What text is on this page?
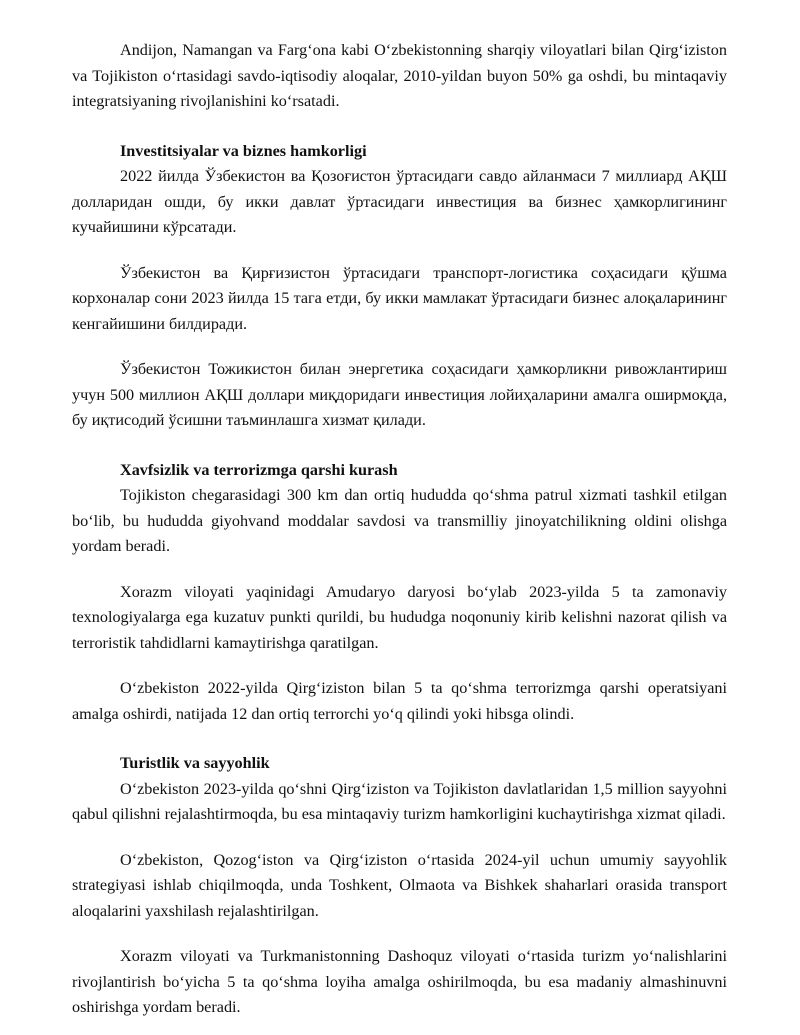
Andijon, Namangan va Farg‘ona kabi O‘zbekistonning sharqiy viloyatlari bilan Qirg‘iziston va Tojikiston o‘rtasidagi savdo-iqtisodiy aloqalar, 2010-yildan buyon 50% ga oshdi, bu mintaqaviy integratsiyaning rivojlanishini ko‘rsatadi.

Investitsiyalar va biznes hamkorligi

2022 йилда Ўзбекистон ва Қозоғистон ўртасидаги савдо айланмаси 7 миллиард АҚШ долларидан ошди, бу икки давлат ўртасидаги инвестиция ва бизнес ҳамкорлигининг кучайишини кўрсатади.

Ўзбекистон ва Қирғизистон ўртасидаги транспорт-логистика соҳасидаги қўшма корхоналар сони 2023 йилда 15 тага етди, бу икки мамлакат ўртасидаги бизнес алоқаларининг кенгайишини билдиради.

Ўзбекистон Тожикистон билан энергетика соҳасидаги ҳамкорликни ривожлантириш учун 500 миллион АҚШ доллари миқдоридаги инвестиция лойиҳаларини амалга оширмоқда, бу иқтисодий ўсишни таъминлашга хизмат қилади.

Xavfsizlik va terrorizmga qarshi kurash

Tojikiston chegarasidagi 300 km dan ortiq hududda qo‘shma patrul xizmati tashkil etilgan bo‘lib, bu hududda giyohvand moddalar savdosi va transmilliy jinoyatchilikning oldini olishga yordam beradi.

Xorazm viloyati yaqinidagi Amudaryo daryosi bo‘ylab 2023-yilda 5 ta zamonaviy texnologiyalarga ega kuzatuv punkti qurildi, bu hududga noqonuniy kirib kelishni nazorat qilish va terroristik tahdidlarni kamaytirishga qaratilgan.

O‘zbekiston 2022-yilda Qirg‘iziston bilan 5 ta qo‘shma terrorizmga qarshi operatsiyani amalga oshirdi, natijada 12 dan ortiq terrorchi yo‘q qilindi yoki hibsga olindi.

Turistlik va sayyohlik

O‘zbekiston 2023-yilda qo‘shni Qirg‘iziston va Tojikiston davlatlaridan 1,5 million sayyohni qabul qilishni rejalashtirmoqda, bu esa mintaqaviy turizm hamkorligini kuchaytirishga xizmat qiladi.

O‘zbekiston, Qozog‘iston va Qirg‘iziston o‘rtasida 2024-yil uchun umumiy sayyohlik strategiyasi ishlab chiqilmoqda, unda Toshkent, Olmaota va Bishkek shaharlari orasida transport aloqalarini yaxshilash rejalashtirilgan.

Xorazm viloyati va Turkmanistonning Dashoquz viloyati o‘rtasida turizm yo‘nalishlarini rivojlantirish bo‘yicha 5 ta qo‘shma loyiha amalga oshirilmoqda, bu esa madaniy almashinuvni oshirishga yordam beradi.
